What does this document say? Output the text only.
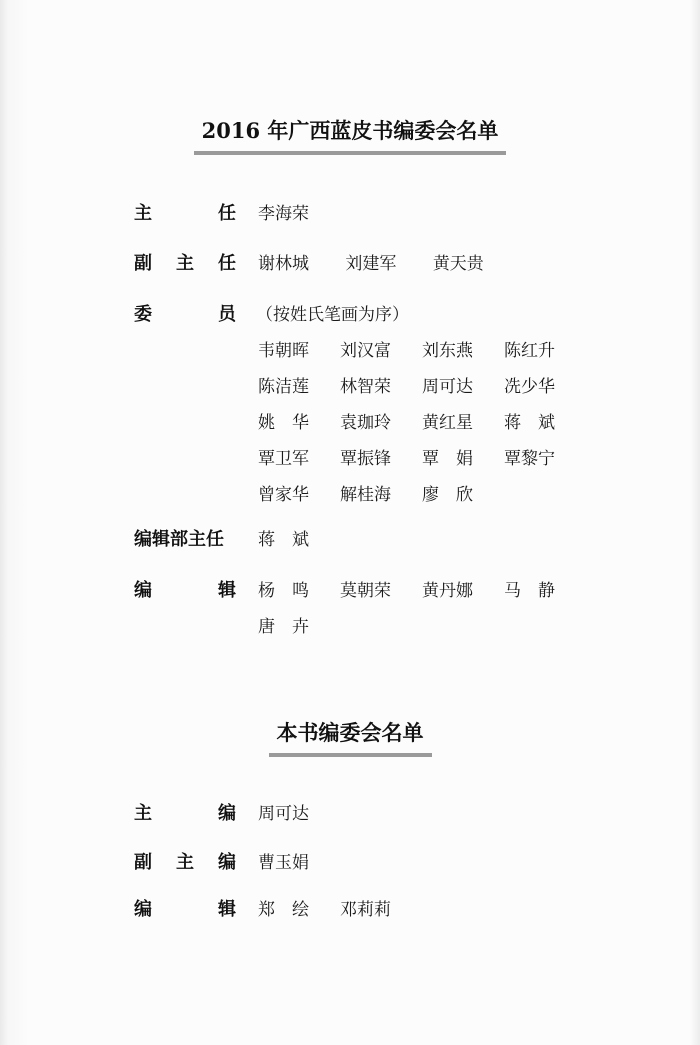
2016 年广西蓝皮书编委会名单
主	任 李海荣
副 主 任 谢林城 刘建军 黄天贵
委	员 （按姓氏笔画为序）
韦朝晖 刘汉富 刘东燕 陈红升
陈洁莲 林智荣 周可达 冼少华
姚　华 袁珈玲 黄红星 蒋　斌
覃卫军 覃振锋 覃　娟 覃黎宁
曾家华 解桂海 廖　欣
编辑部主任	蒋　斌
编	辑 杨　鸣 莫朝荣 黄丹娜 马　静
唐　卉
本书编委会名单
主	编 周可达
副 主 编 曹玉娟
编	辑 郑　绘 邓莉莉
